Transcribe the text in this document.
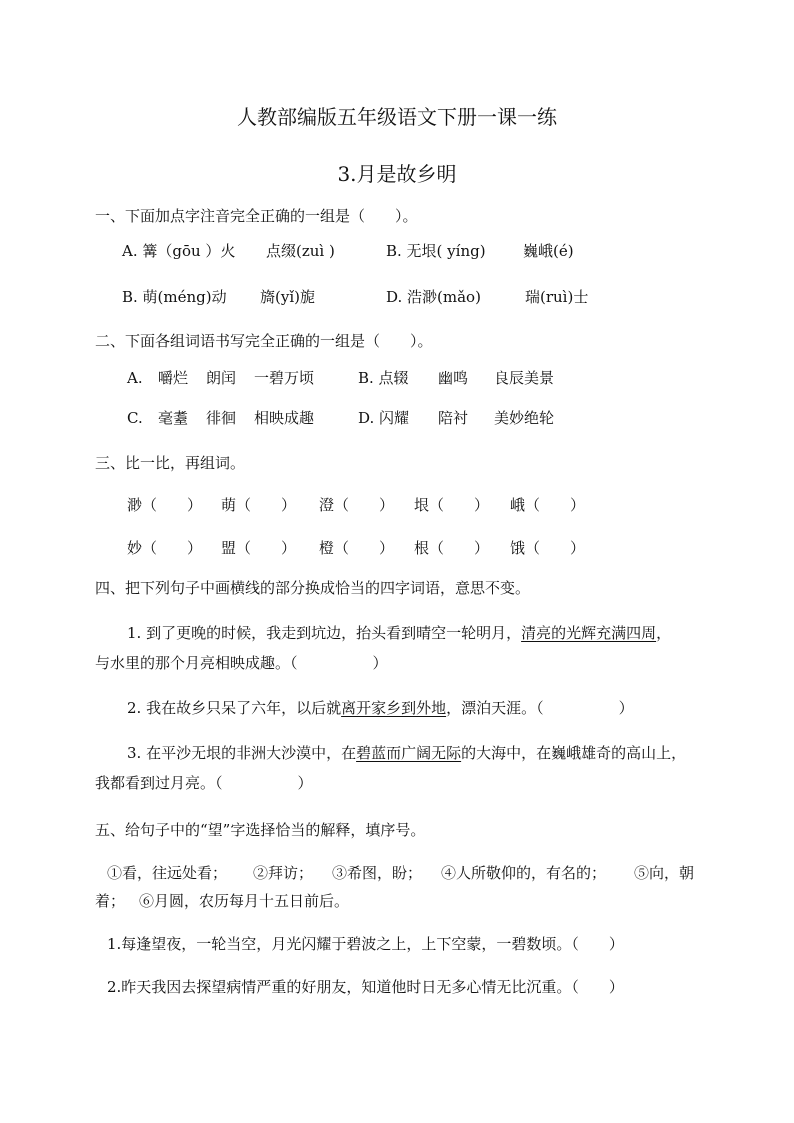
人教部编版五年级语文下册一课一练
3.月是故乡明
一、下面加点字注音完全正确的一组是（　　）。
A. 篝（gōu ）火 点缀(zuì )	B. 无垠( yíng) 巍峨(é)
B. 萌(méng)动 旖(yǐ)旎	D. 浩渺(mǎo)	瑞(ruì)士
二、下面各组词语书写完全正确的一组是（　　）。
A. 嚼烂 朗闰 一碧万顷	B. 点辍 幽鸣 良辰美景
C. 毫耋 徘徊 相映成趣	D. 闪耀 陪衬 美妙绝轮
三、比一比，再组词。
渺（　　） 萌（　　） 澄（　　） 垠（　　） 峨（　　）
妙（　　） 盟（　　） 橙（　　） 根（　　） 饿（　　）
四、把下列句子中画横线的部分换成恰当的四字词语，意思不变。
1. 到了更晚的时候，我走到坑边，抬头看到晴空一轮明月，清亮的光辉充满四周，
与水里的那个月亮相映成趣。（　　　　　）
2. 我在故乡只呆了六年，以后就离开家乡到外地，漂泊天涯。（　　　　　）
3. 在平沙无垠的非洲大沙漠中，在碧蓝而广阔无际的大海中，在巍峨雄奇的高山上，
我都看到过月亮。（　　　　　）
五、给句子中的“望”字选择恰当的解释，填序号。
①看，往远处看； ②拜访； ③希图，盼； ④人所敬仰的，有名的； ⑤向，朝
着； ⑥月圆，农历每月十五日前后。
1.每逢望夜，一轮当空，月光闪耀于碧波之上，上下空蒙，一碧数顷。（　　）
2.昨天我因去探望病情严重的好朋友，知道他时日无多心情无比沉重。（　　）
